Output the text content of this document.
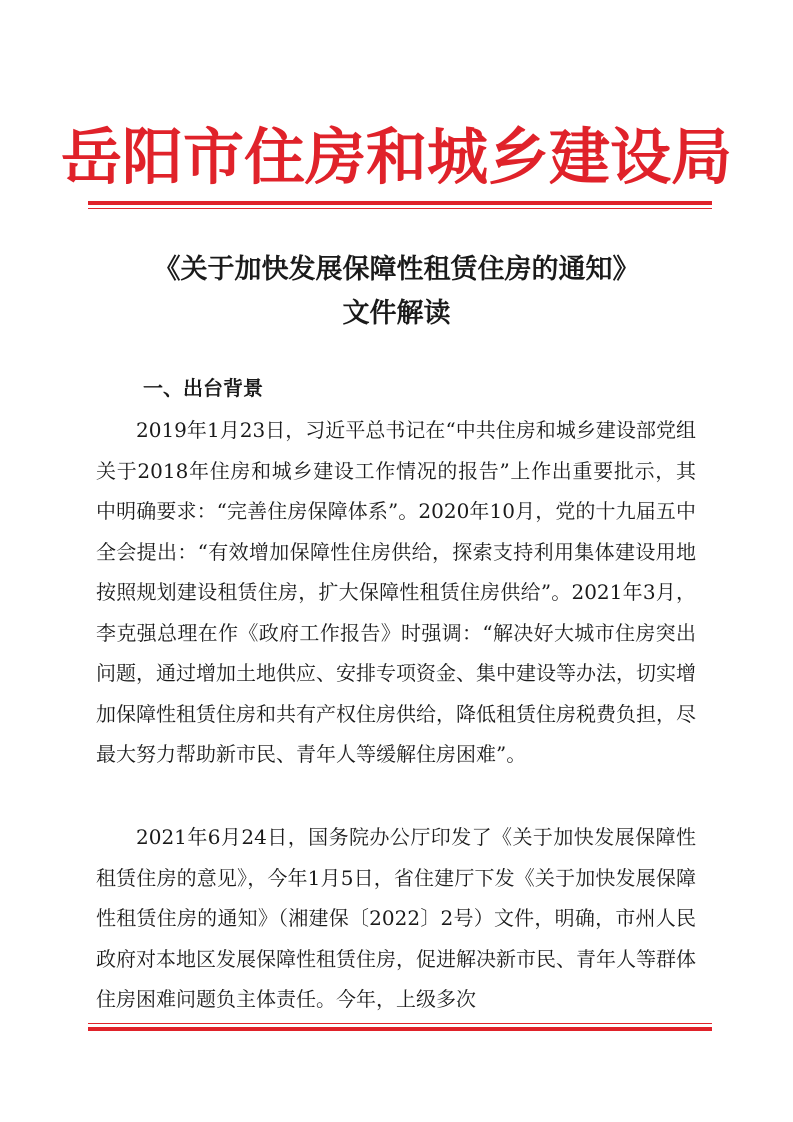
岳阳市住房和城乡建设局
《关于加快发展保障性租赁住房的通知》
文件解读
一、出台背景

2019年1月23日，习近平总书记在“中共住房和城乡建设部党组关于2018年住房和城乡建设工作情况的报告”上作出重要批示，其中明确要求：“完善住房保障体系”。2020年10月，党的十九届五中全会提出：“有效增加保障性住房供给，探索支持利用集体建设用地按照规划建设租赁住房，扩大保障性租赁住房供给”。2021年3月，李克强总理在作《政府工作报告》时强调：“解决好大城市住房突出问题，通过增加土地供应、安排专项资金、集中建设等办法，切实增加保障性租赁住房和共有产权住房供给，降低租赁住房税费负担，尽最大努力帮助新市民、青年人等缓解住房困难”。

2021年6月24日，国务院办公厅印发了《关于加快发展保障性租赁住房的意见》，今年1月5日，省住建厅下发《关于加快发展保障性租赁住房的通知》（湘建保〔2022〕2号）文件，明确，市州人民政府对本地区发展保障性租赁住房，促进解决新市民、青年人等群体住房困难问题负主体责任。今年，上级多次
